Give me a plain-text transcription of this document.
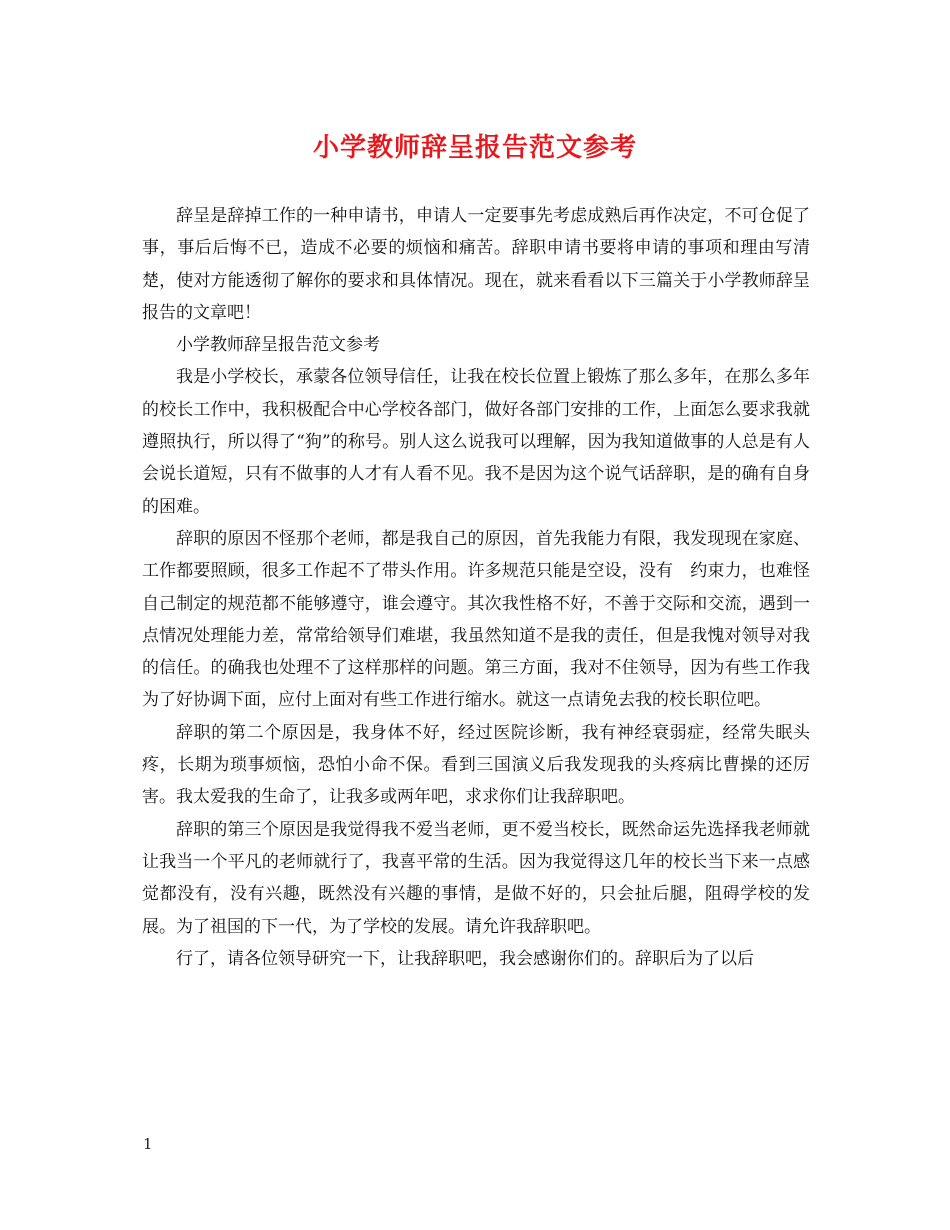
小学教师辞呈报告范文参考

辞呈是辞掉工作的一种申请书，申请人一定要事先考虑成熟后再作决定，不可仓促了事，事后后悔不已，造成不必要的烦恼和痛苦。辞职申请书要将申请的事项和理由写清楚，使对方能透彻了解你的要求和具体情况。现在，就来看看以下三篇关于小学教师辞呈报告的文章吧！

小学教师辞呈报告范文参考

我是小学校长，承蒙各位领导信任，让我在校长位置上锻炼了那么多年，在那么多年的校长工作中，我积极配合中心学校各部门，做好各部门安排的工作，上面怎么要求我就遵照执行，所以得了“狗”的称号。别人这么说我可以理解，因为我知道做事的人总是有人会说长道短，只有不做事的人才有人看不见。我不是因为这个说气话辞职，是的确有自身的困难。

辞职的原因不怪那个老师，都是我自己的原因，首先我能力有限，我发现现在家庭、工作都要照顾，很多工作起不了带头作用。许多规范只能是空设，没有　约束力，也难怪自己制定的规范都不能够遵守，谁会遵守。其次我性格不好，不善于交际和交流，遇到一点情况处理能力差，常常给领导们难堪，我虽然知道不是我的责任，但是我愧对领导对我的信任。的确我也处理不了这样那样的问题。第三方面，我对不住领导，因为有些工作我为了好协调下面，应付上面对有些工作进行缩水。就这一点请免去我的校长职位吧。

辞职的第二个原因是，我身体不好，经过医院诊断，我有神经衰弱症，经常失眠头疼，长期为琐事烦恼，恐怕小命不保。看到三国演义后我发现我的头疼病比曹操的还厉害。我太爱我的生命了，让我多或两年吧，求求你们让我辞职吧。

辞职的第三个原因是我觉得我不爱当老师，更不爱当校长，既然命运先选择我老师就让我当一个平凡的老师就行了，我喜平常的生活。因为我觉得这几年的校长当下来一点感觉都没有，没有兴趣，既然没有兴趣的事情，是做不好的，只会扯后腿，阻碍学校的发展。为了祖国的下一代，为了学校的发展。请允许我辞职吧。

行了，请各位领导研究一下，让我辞职吧，我会感谢你们的。辞职后为了以后

1
